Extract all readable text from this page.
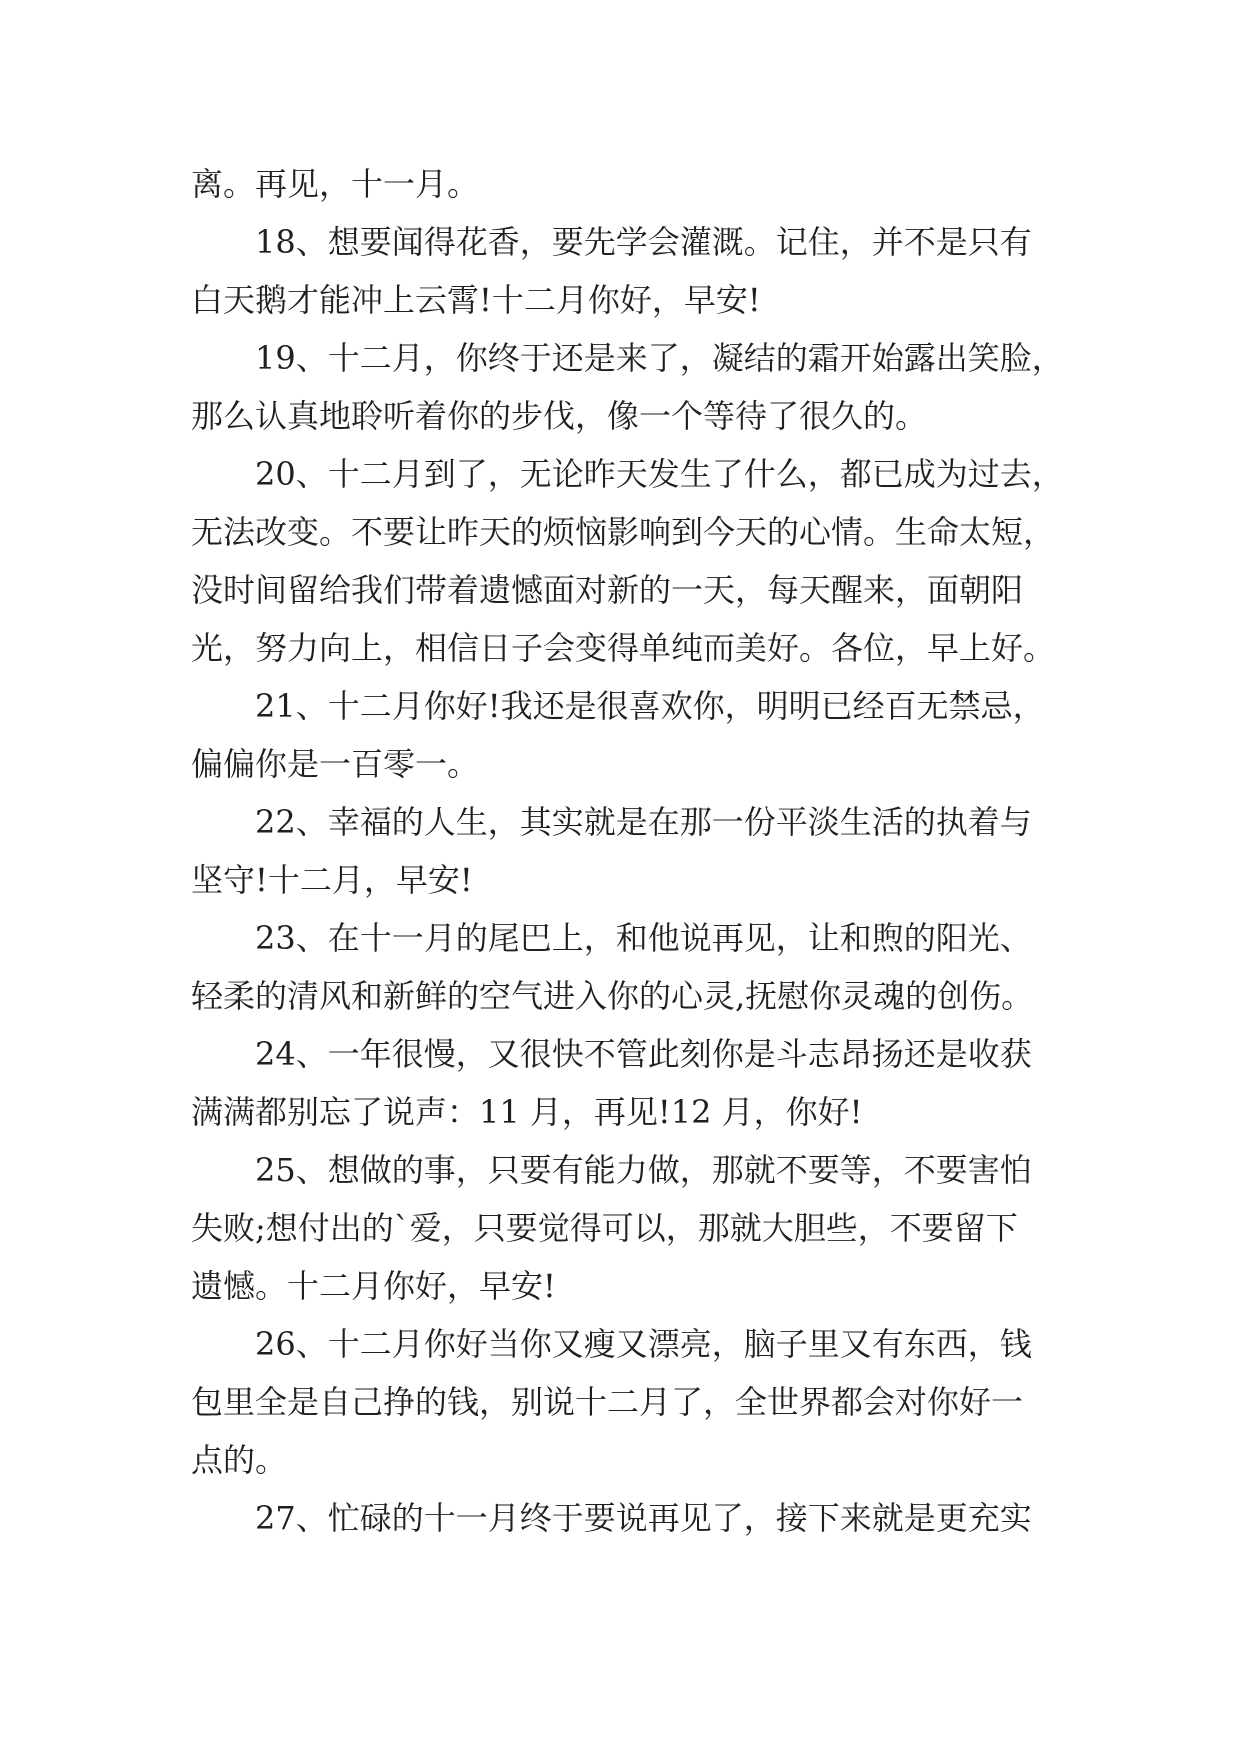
离。再见，十一月。
18、想要闻得花香，要先学会灌溉。记住，并不是只有
白天鹅才能冲上云霄!十二月你好，早安!
19、十二月，你终于还是来了，凝结的霜开始露出笑脸，
那么认真地聆听着你的步伐，像一个等待了很久的。
20、十二月到了，无论昨天发生了什么，都已成为过去，
无法改变。不要让昨天的烦恼影响到今天的心情。生命太短，
没时间留给我们带着遗憾面对新的一天，每天醒来，面朝阳
光，努力向上，相信日子会变得单纯而美好。各位，早上好。
21、十二月你好!我还是很喜欢你，明明已经百无禁忌，
偏偏你是一百零一。
22、幸福的人生，其实就是在那一份平淡生活的执着与
坚守!十二月，早安!
23、在十一月的尾巴上，和他说再见，让和煦的阳光、
轻柔的清风和新鲜的空气进入你的心灵,抚慰你灵魂的创伤。
24、一年很慢，又很快不管此刻你是斗志昂扬还是收获
满满都别忘了说声：11 月，再见!12 月，你好!
25、想做的事，只要有能力做，那就不要等，不要害怕
失败;想付出的`爱，只要觉得可以，那就大胆些，不要留下
遗憾。十二月你好，早安!
26、十二月你好当你又瘦又漂亮，脑子里又有东西，钱
包里全是自己挣的钱，别说十二月了，全世界都会对你好一
点的。
27、忙碌的十一月终于要说再见了，接下来就是更充实
